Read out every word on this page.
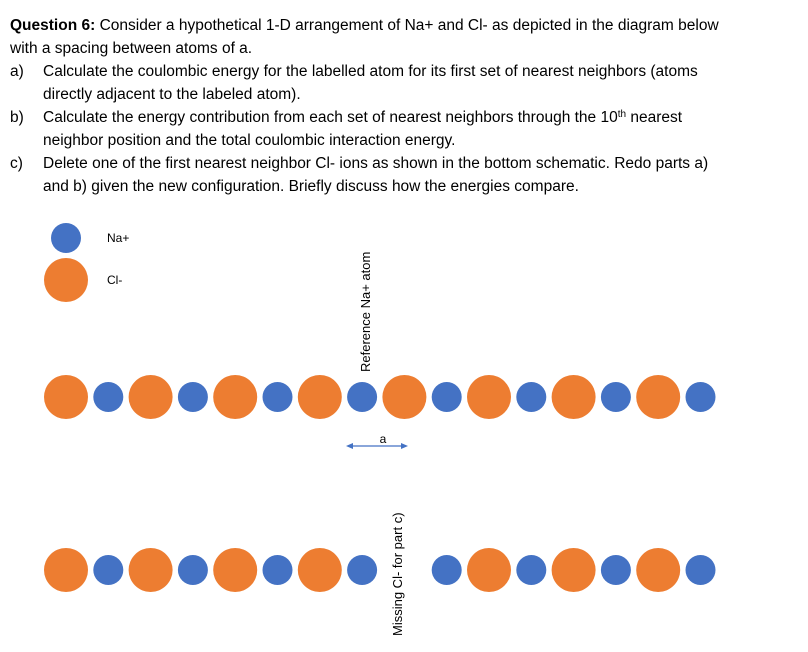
Question 6: Consider a hypothetical 1-D arrangement of Na+ and Cl- as depicted in the diagram below
with a spacing between atoms of a.
a)	Calculate the coulombic energy for the labelled atom for its first set of nearest neighbors (atoms
directly adjacent to the labeled atom).
b)	Calculate the energy contribution from each set of nearest neighbors through the 10th nearest
neighbor position and the total coulombic interaction energy.
c)	Delete one of the first nearest neighbor Cl- ions as shown in the bottom schematic. Redo parts a)
and b) given the new configuration. Briefly discuss how the energies compare.
Na+
Cl-	Reference Na+ atom
a
Missing Cl- for part c)
